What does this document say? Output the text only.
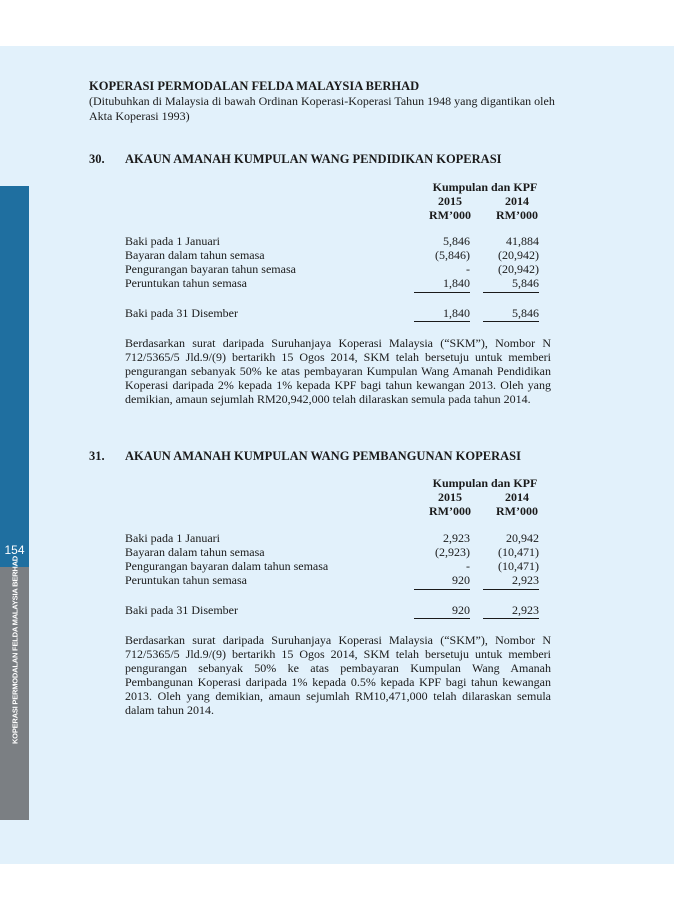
154
KOPERASI PERMODALAN FELDA MALAYSIA BERHAD
KOPERASI PERMODALAN FELDA MALAYSIA BERHAD
(Ditubuhkan di Malaysia di bawah Ordinan Koperasi-Koperasi Tahun 1948 yang digantikan oleh Akta Koperasi 1993)
30. AKAUN AMANAH KUMPULAN WANG PENDIDIKAN KOPERASI
Kumpulan dan KPF
2015	2014
RM’000	RM’000
Baki pada 1 Januari	5,846	41,884
Bayaran dalam tahun semasa	(5,846)	(20,942)
Pengurangan bayaran tahun semasa	-	(20,942)
Peruntukan tahun semasa	1,840	5,846
Baki pada 31 Disember	1,840	5,846
Berdasarkan surat daripada Suruhanjaya Koperasi Malaysia (“SKM”), Nombor N 712/5365/5 Jld.9/(9) bertarikh 15 Ogos 2014, SKM telah bersetuju untuk memberi pengurangan sebanyak 50% ke atas pembayaran Kumpulan Wang Amanah Pendidikan Koperasi daripada 2% kepada 1% kepada KPF bagi tahun kewangan 2013. Oleh yang demikian, amaun sejumlah RM20,942,000 telah dilaraskan semula pada tahun 2014.
31. AKAUN AMANAH KUMPULAN WANG PEMBANGUNAN KOPERASI
Kumpulan dan KPF
2015	2014
RM’000	RM’000
Baki pada 1 Januari	2,923	20,942
Bayaran dalam tahun semasa	(2,923)	(10,471)
Pengurangan bayaran dalam tahun semasa	-	(10,471)
Peruntukan tahun semasa	920	2,923
Baki pada 31 Disember	920	2,923
Berdasarkan surat daripada Suruhanjaya Koperasi Malaysia (“SKM”), Nombor N 712/5365/5 Jld.9/(9) bertarikh 15 Ogos 2014, SKM telah bersetuju untuk memberi pengurangan sebanyak 50% ke atas pembayaran Kumpulan Wang Amanah Pembangunan Koperasi daripada 1% kepada 0.5% kepada KPF bagi tahun kewangan 2013. Oleh yang demikian, amaun sejumlah RM10,471,000 telah dilaraskan semula dalam tahun 2014.
